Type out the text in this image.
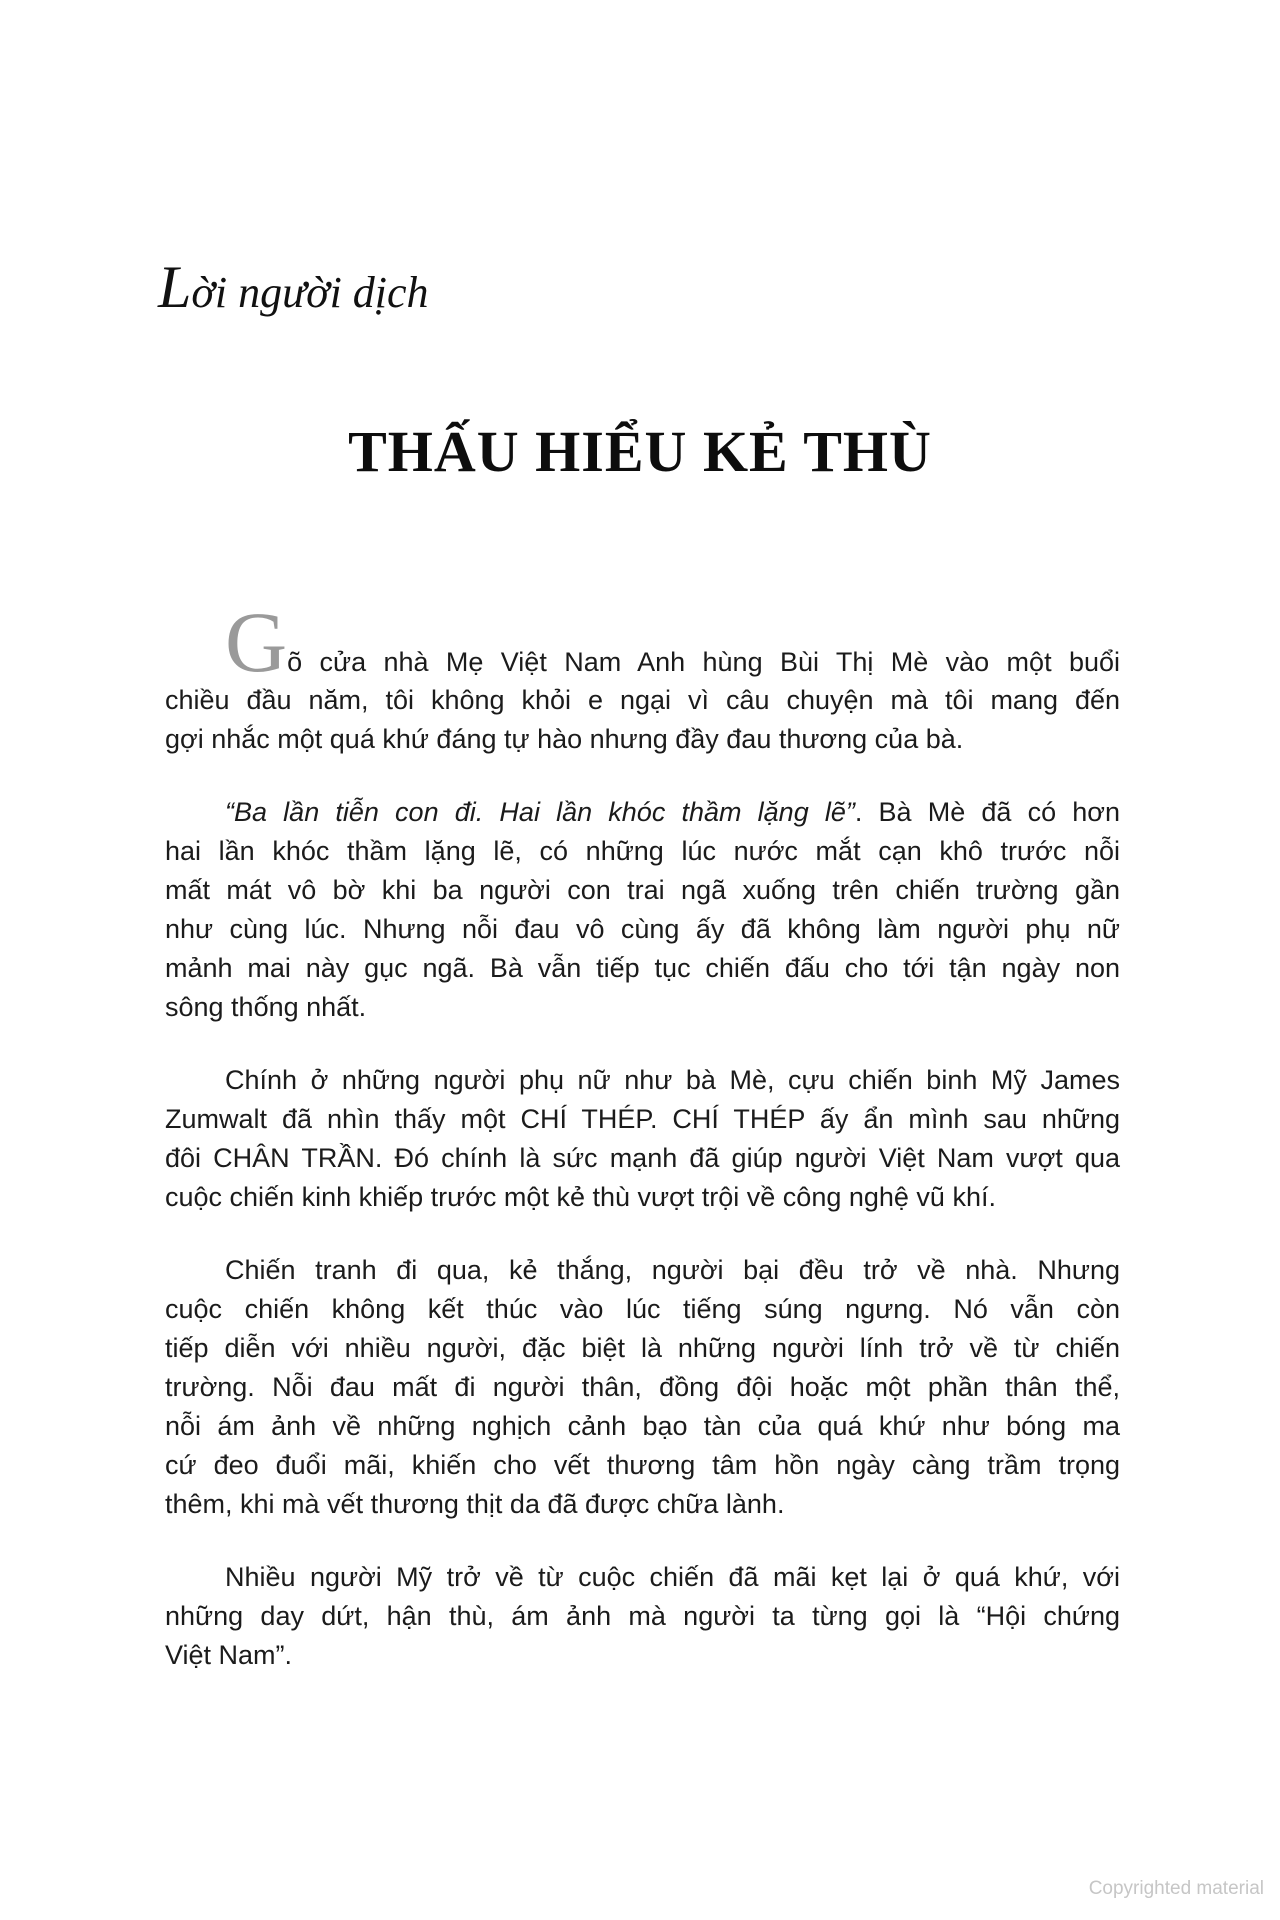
Lời người dịch
THẤU HIỂU KẺ THÙ
Gõ cửa nhà Mẹ Việt Nam Anh hùng Bùi Thị Mè vào một buổi
chiều đầu năm, tôi không khỏi e ngại vì câu chuyện mà tôi mang đến
gợi nhắc một quá khứ đáng tự hào nhưng đầy đau thương của bà.
“Ba lần tiễn con đi. Hai lần khóc thầm lặng lẽ”. Bà Mè đã có hơn
hai lần khóc thầm lặng lẽ, có những lúc nước mắt cạn khô trước nỗi
mất mát vô bờ khi ba người con trai ngã xuống trên chiến trường gần
như cùng lúc. Nhưng nỗi đau vô cùng ấy đã không làm người phụ nữ
mảnh mai này gục ngã. Bà vẫn tiếp tục chiến đấu cho tới tận ngày non
sông thống nhất.
Chính ở những người phụ nữ như bà Mè, cựu chiến binh Mỹ James
Zumwalt đã nhìn thấy một CHÍ THÉP. CHÍ THÉP ấy ẩn mình sau những
đôi CHÂN TRẦN. Đó chính là sức mạnh đã giúp người Việt Nam vượt qua
cuộc chiến kinh khiếp trước một kẻ thù vượt trội về công nghệ vũ khí.
Chiến tranh đi qua, kẻ thắng, người bại đều trở về nhà. Nhưng
cuộc chiến không kết thúc vào lúc tiếng súng ngưng. Nó vẫn còn
tiếp diễn với nhiều người, đặc biệt là những người lính trở về từ chiến
trường. Nỗi đau mất đi người thân, đồng đội hoặc một phần thân thể,
nỗi ám ảnh về những nghịch cảnh bạo tàn của quá khứ như bóng ma
cứ đeo đuổi mãi, khiến cho vết thương tâm hồn ngày càng trầm trọng
thêm, khi mà vết thương thịt da đã được chữa lành.
Nhiều người Mỹ trở về từ cuộc chiến đã mãi kẹt lại ở quá khứ, với
những day dứt, hận thù, ám ảnh mà người ta từng gọi là “Hội chứng
Việt Nam”.
Copyrighted material
